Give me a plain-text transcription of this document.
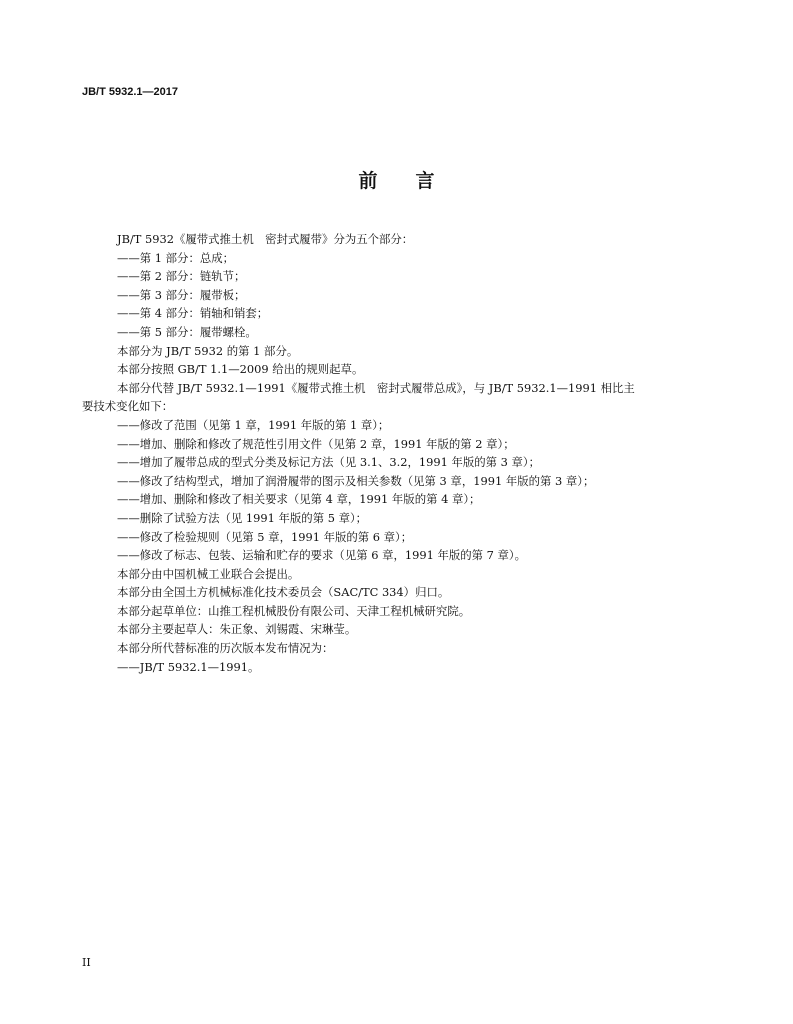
JB/T 5932.1—2017
前 言
JB/T 5932《履带式推土机　密封式履带》分为五个部分：
——第 1 部分：总成；
——第 2 部分：链轨节；
——第 3 部分：履带板；
——第 4 部分：销轴和销套；
——第 5 部分：履带螺栓。
本部分为 JB/T 5932 的第 1 部分。
本部分按照 GB/T 1.1—2009 给出的规则起草。
本部分代替 JB/T 5932.1—1991《履带式推土机　密封式履带总成》，与 JB/T 5932.1—1991 相比主
要技术变化如下：
——修改了范围（见第 1 章，1991 年版的第 1 章）；
——增加、删除和修改了规范性引用文件（见第 2 章，1991 年版的第 2 章）；
——增加了履带总成的型式分类及标记方法（见 3.1、3.2，1991 年版的第 3 章）；
——修改了结构型式，增加了润滑履带的图示及相关参数（见第 3 章，1991 年版的第 3 章）；
——增加、删除和修改了相关要求（见第 4 章，1991 年版的第 4 章）；
——删除了试验方法（见 1991 年版的第 5 章）；
——修改了检验规则（见第 5 章，1991 年版的第 6 章）；
——修改了标志、包装、运输和贮存的要求（见第 6 章，1991 年版的第 7 章）。
本部分由中国机械工业联合会提出。
本部分由全国土方机械标准化技术委员会（SAC/TC 334）归口。
本部分起草单位：山推工程机械股份有限公司、天津工程机械研究院。
本部分主要起草人：朱正象、刘锡霞、宋琳莹。
本部分所代替标准的历次版本发布情况为：
——JB/T 5932.1—1991。
II
